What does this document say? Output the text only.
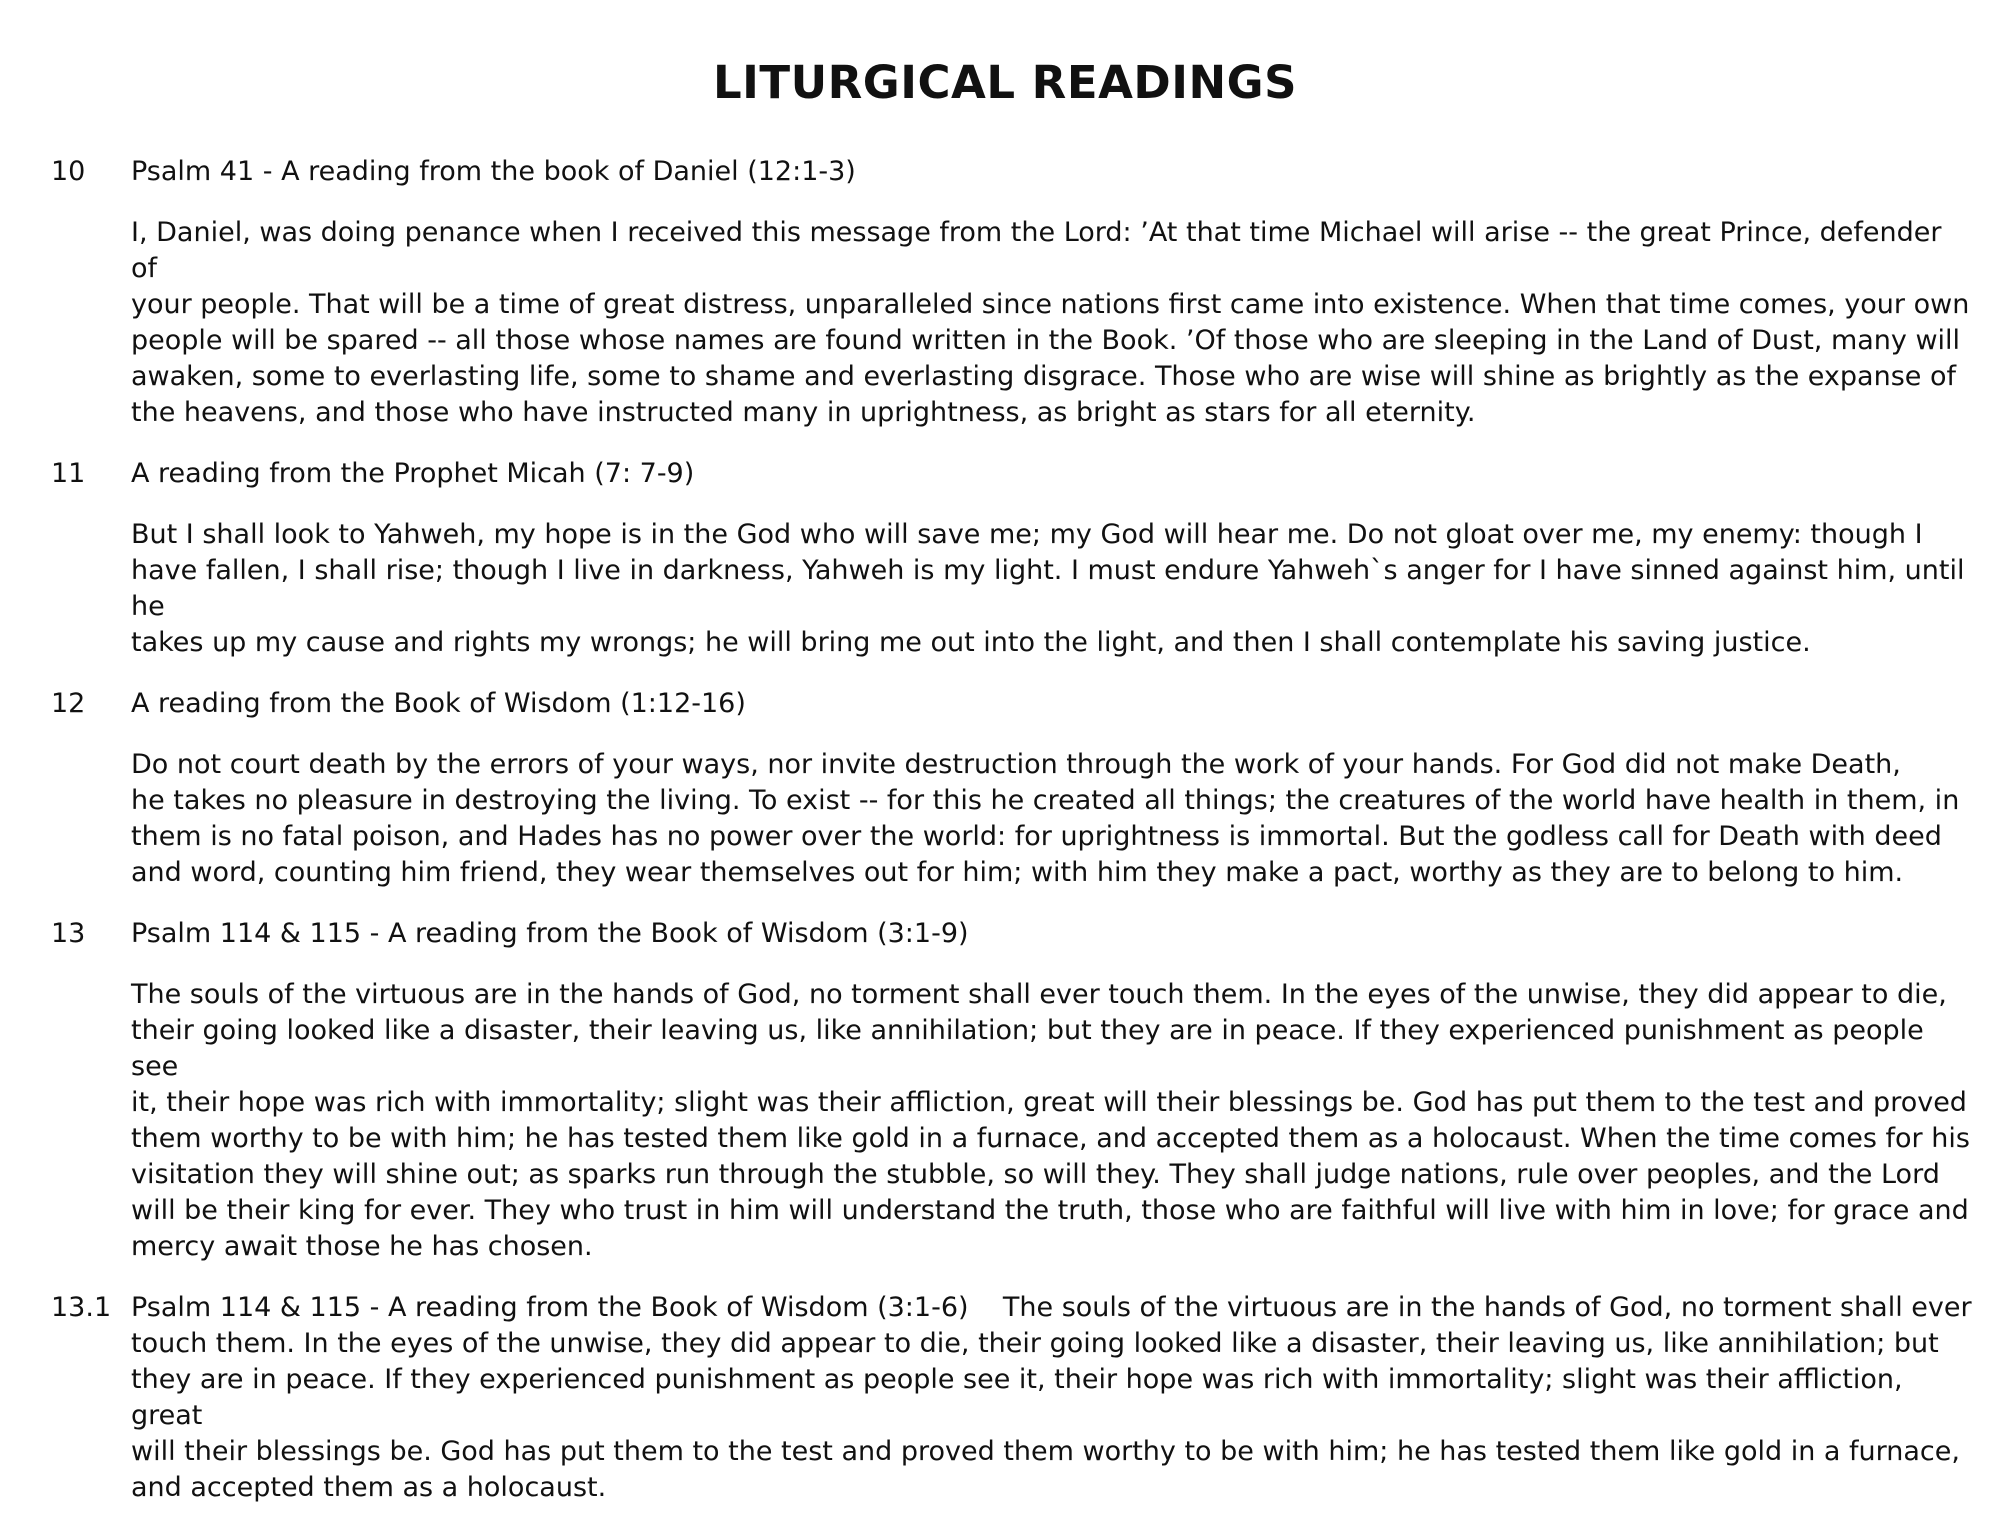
LITURGICAL READINGS
10 Psalm 41 - A reading from the book of Daniel (12:1-3)
I, Daniel, was doing penance when I received this message from the Lord: ’At that time Michael will arise -- the great Prince, defender of
your people. That will be a time of great distress, unparalleled since nations first came into existence. When that time comes, your own
people will be spared -- all those whose names are found written in the Book. ’Of those who are sleeping in the Land of Dust, many will
awaken, some to everlasting life, some to shame and everlasting disgrace. Those who are wise will shine as brightly as the expanse of
the heavens, and those who have instructed many in uprightness, as bright as stars for all eternity.
11 A reading from the Prophet Micah (7: 7-9)
But I shall look to Yahweh, my hope is in the God who will save me; my God will hear me. Do not gloat over me, my enemy: though I
have fallen, I shall rise; though I live in darkness, Yahweh is my light. I must endure Yahweh`s anger for I have sinned against him, until he
takes up my cause and rights my wrongs; he will bring me out into the light, and then I shall contemplate his saving justice.
12 A reading from the Book of Wisdom (1:12-16)
Do not court death by the errors of your ways, nor invite destruction through the work of your hands. For God did not make Death,
he takes no pleasure in destroying the living. To exist -- for this he created all things; the creatures of the world have health in them, in
them is no fatal poison, and Hades has no power over the world: for uprightness is immortal. But the godless call for Death with deed
and word, counting him friend, they wear themselves out for him; with him they make a pact, worthy as they are to belong to him.
13 Psalm 114 & 115 - A reading from the Book of Wisdom (3:1-9)
The souls of the virtuous are in the hands of God, no torment shall ever touch them. In the eyes of the unwise, they did appear to die,
their going looked like a disaster, their leaving us, like annihilation; but they are in peace. If they experienced punishment as people see
it, their hope was rich with immortality; slight was their affliction, great will their blessings be. God has put them to the test and proved
them worthy to be with him; he has tested them like gold in a furnace, and accepted them as a holocaust. When the time comes for his
visitation they will shine out; as sparks run through the stubble, so will they. They shall judge nations, rule over peoples, and the Lord
will be their king for ever. They who trust in him will understand the truth, those who are faithful will live with him in love; for grace and
mercy await those he has chosen.
13.1 Psalm 114 & 115 - A reading from the Book of Wisdom (3:1-6) The souls of the virtuous are in the hands of God, no torment shall ever
touch them. In the eyes of the unwise, they did appear to die, their going looked like a disaster, their leaving us, like annihilation; but
they are in peace. If they experienced punishment as people see it, their hope was rich with immortality; slight was their affliction, great
will their blessings be. God has put them to the test and proved them worthy to be with him; he has tested them like gold in a furnace,
and accepted them as a holocaust.
